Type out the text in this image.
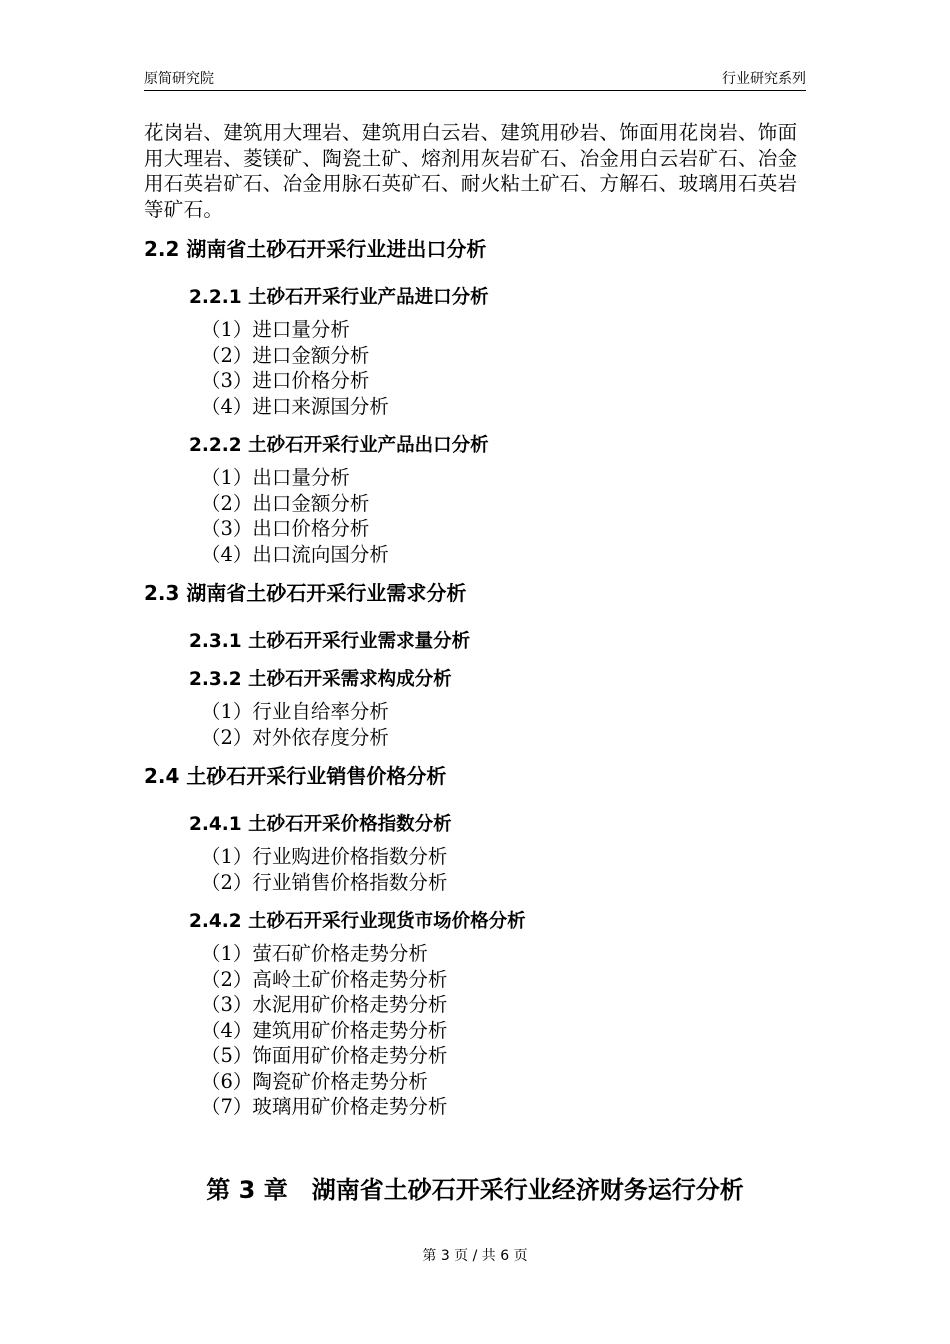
原简研究院	行业研究系列

花岗岩、建筑用大理岩、建筑用白云岩、建筑用砂岩、饰面用花岗岩、饰面用大理岩、菱镁矿、陶瓷土矿、熔剂用灰岩矿石、冶金用白云岩矿石、冶金用石英岩矿石、冶金用脉石英矿石、耐火粘土矿石、方解石、玻璃用石英岩等矿石。

2.2 湖南省土砂石开采行业进出口分析
2.2.1 土砂石开采行业产品进口分析
（1）进口量分析
（2）进口金额分析
（3）进口价格分析
（4）进口来源国分析
2.2.2 土砂石开采行业产品出口分析
（1）出口量分析
（2）出口金额分析
（3）出口价格分析
（4）出口流向国分析
2.3 湖南省土砂石开采行业需求分析
2.3.1 土砂石开采行业需求量分析
2.3.2 土砂石开采需求构成分析
（1）行业自给率分析
（2）对外依存度分析
2.4 土砂石开采行业销售价格分析
2.4.1 土砂石开采价格指数分析
（1）行业购进价格指数分析
（2）行业销售价格指数分析
2.4.2 土砂石开采行业现货市场价格分析
（1）萤石矿价格走势分析
（2）高岭土矿价格走势分析
（3）水泥用矿价格走势分析
（4）建筑用矿价格走势分析
（5）饰面用矿价格走势分析
（6）陶瓷矿价格走势分析
（7）玻璃用矿价格走势分析
第 3 章　湖南省土砂石开采行业经济财务运行分析
第 3 页 / 共 6 页
